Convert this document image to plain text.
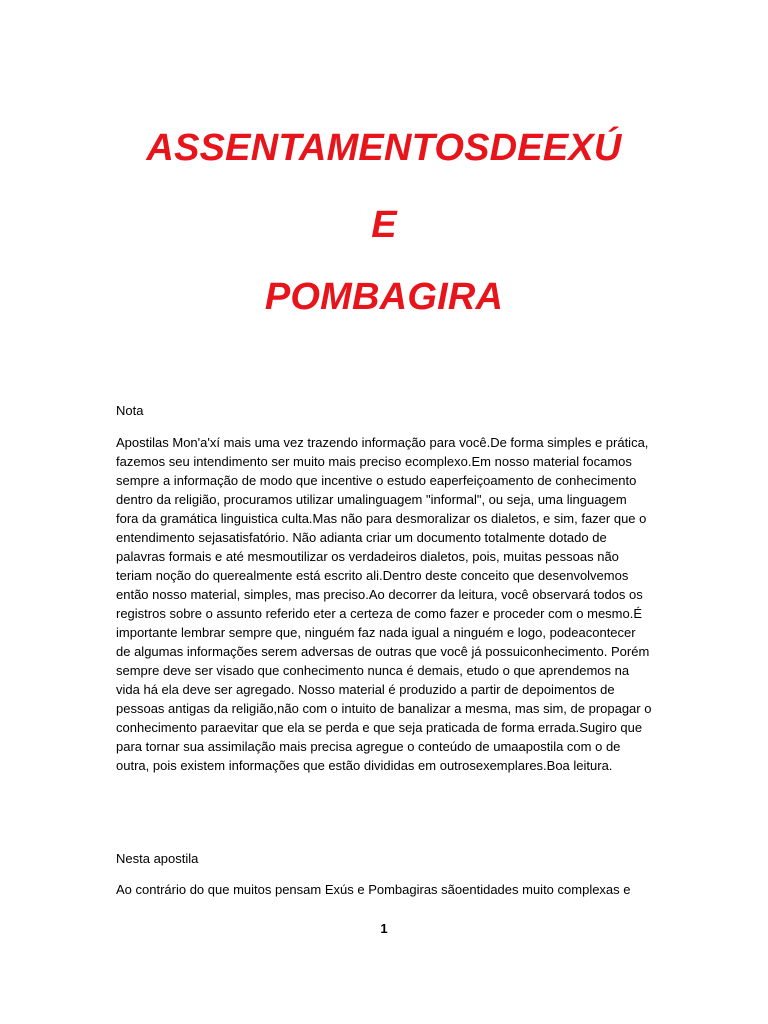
ASSENTAMENTOSDEEXÚ
E
POMBAGIRA
Nota
Apostilas Mon'a'xí mais uma vez trazendo informação para você.De forma simples e prática,
fazemos seu intendimento ser muito mais preciso ecomplexo.Em nosso material focamos
sempre a informação de modo que incentive o estudo eaperfeiçoamento de conhecimento
dentro da religião, procuramos utilizar umalinguagem "informal", ou seja, uma linguagem
fora da gramática linguistica culta.Mas não para desmoralizar os dialetos, e sim, fazer que o
entendimento sejasatisfatório. Não adianta criar um documento totalmente dotado de
palavras formais e até mesmoutilizar os verdadeiros dialetos, pois, muitas pessoas não
teriam noção do querealmente está escrito ali.Dentro deste conceito que desenvolvemos
então nosso material, simples, mas preciso.Ao decorrer da leitura, você observará todos os
registros sobre o assunto referido eter a certeza de como fazer e proceder com o mesmo.É
importante lembrar sempre que, ninguém faz nada igual a ninguém e logo, podeacontecer
de algumas informações serem adversas de outras que você já possuiconhecimento. Porém
sempre deve ser visado que conhecimento nunca é demais, etudo o que aprendemos na
vida há ela deve ser agregado. Nosso material é produzido a partir de depoimentos de
pessoas antigas da religião,não com o intuito de banalizar a mesma, mas sim, de propagar o
conhecimento paraevitar que ela se perda e que seja praticada de forma errada.Sugiro que
para tornar sua assimilação mais precisa agregue o conteúdo de umaapostila com o de
outra, pois existem informações que estão divididas em outrosexemplares.Boa leitura.
Nesta apostila
Ao contrário do que muitos pensam Exús e Pombagiras sãoentidades muito complexas e
1
